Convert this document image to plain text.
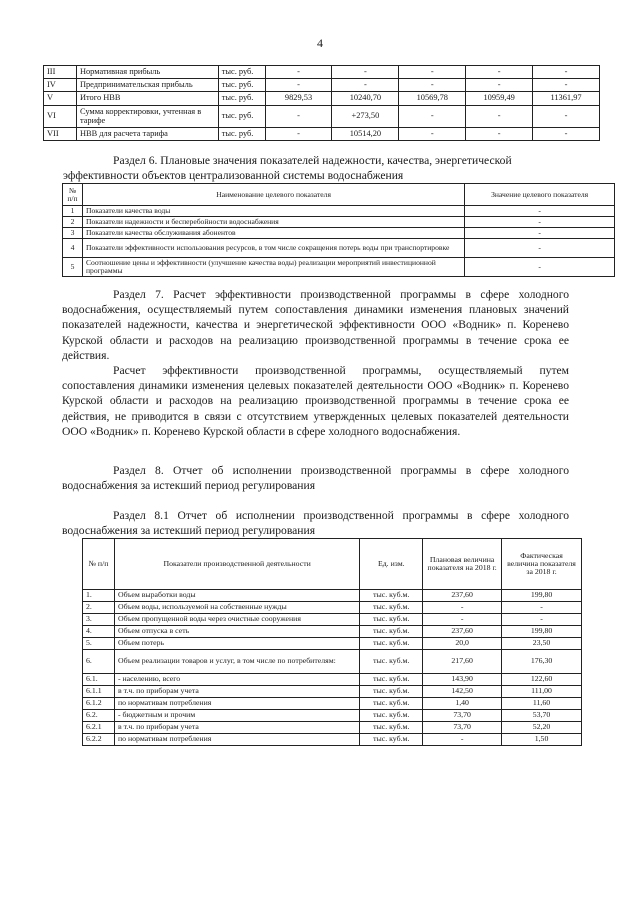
4
III	Нормативная прибыль	тыс. руб.	-	-	-	-	-
IV	Предпринимательская прибыль	тыс. руб.	-	-	-	-	-
V	Итого НВВ	тыс. руб.	9829,53	10240,70	10569,78	10959,49	11361,97
VI	Сумма корректировки, учтенная в тарифе	тыс. руб.	-	+273,50	-	-	-
VII	НВВ для расчета тарифа	тыс. руб.	-	10514,20	-	-	-
Раздел 6. Плановые значения показателей надежности, качества, энергетической
эффективности объектов централизованной системы водоснабжения
№ п/п	Наименование целевого показателя	Значение целевого показателя
1	Показатели качества воды	-
2	Показатели надежности и бесперебойности водоснабжения	-
3	Показатели качества обслуживания абонентов	-
4	Показатели эффективности использования ресурсов, в том числе сокращения потерь воды при транспортировке	-
5	Соотношение цены и эффективности (улучшение качества воды) реализации мероприятий инвестиционной программы	-
Раздел 7. Расчет эффективности производственной программы в сфере холодного водоснабжения, осуществляемый путем сопоставления динамики изменения плановых значений показателей надежности, качества и энергетической эффективности ООО «Водник» п. Коренево Курской области и расходов на реализацию производственной программы в течение срока ее действия.
Расчет эффективности производственной программы, осуществляемый путем сопоставления динамики изменения целевых показателей деятельности ООО «Водник» п. Коренево Курской области и расходов на реализацию производственной программы в течение срока ее действия, не приводится в связи с отсутствием утвержденных целевых показателей деятельности ООО «Водник» п. Коренево Курской области в сфере холодного водоснабжения.
Раздел 8. Отчет об исполнении производственной программы в сфере холодного водоснабжения за истекший период регулирования
Раздел 8.1 Отчет об исполнении производственной программы в сфере холодного водоснабжения за истекший период регулирования
№ п/п	Показатели производственной деятельности	Ед. изм.	Плановая величина показателя на 2018 г.	Фактическая величина показателя за 2018 г.
1.	Объем выработки воды	тыс. куб.м.	237,60	199,80
2.	Объем воды, используемой на собственные нужды	тыс. куб.м.	-	-
3.	Объем пропущенной воды через очистные сооружения	тыс. куб.м.	-	-
4.	Объем отпуска в сеть	тыс. куб.м.	237,60	199,80
5.	Объем потерь	тыс. куб.м.	20,0	23,50
6.	Объем реализации товаров и услуг, в том числе по потребителям:	тыс. куб.м.	217,60	176,30
6.1.	- населению, всего	тыс. куб.м.	143,90	122,60
6.1.1	в т.ч. по приборам учета	тыс. куб.м.	142,50	111,00
6.1.2	по нормативам потребления	тыс. куб.м.	1,40	11,60
6.2.	- бюджетным и прочим	тыс. куб.м.	73,70	53,70
6.2.1	в т.ч. по приборам учета	тыс. куб.м.	73,70	52,20
6.2.2	по нормативам потребления	тыс. куб.м.	-	1,50
